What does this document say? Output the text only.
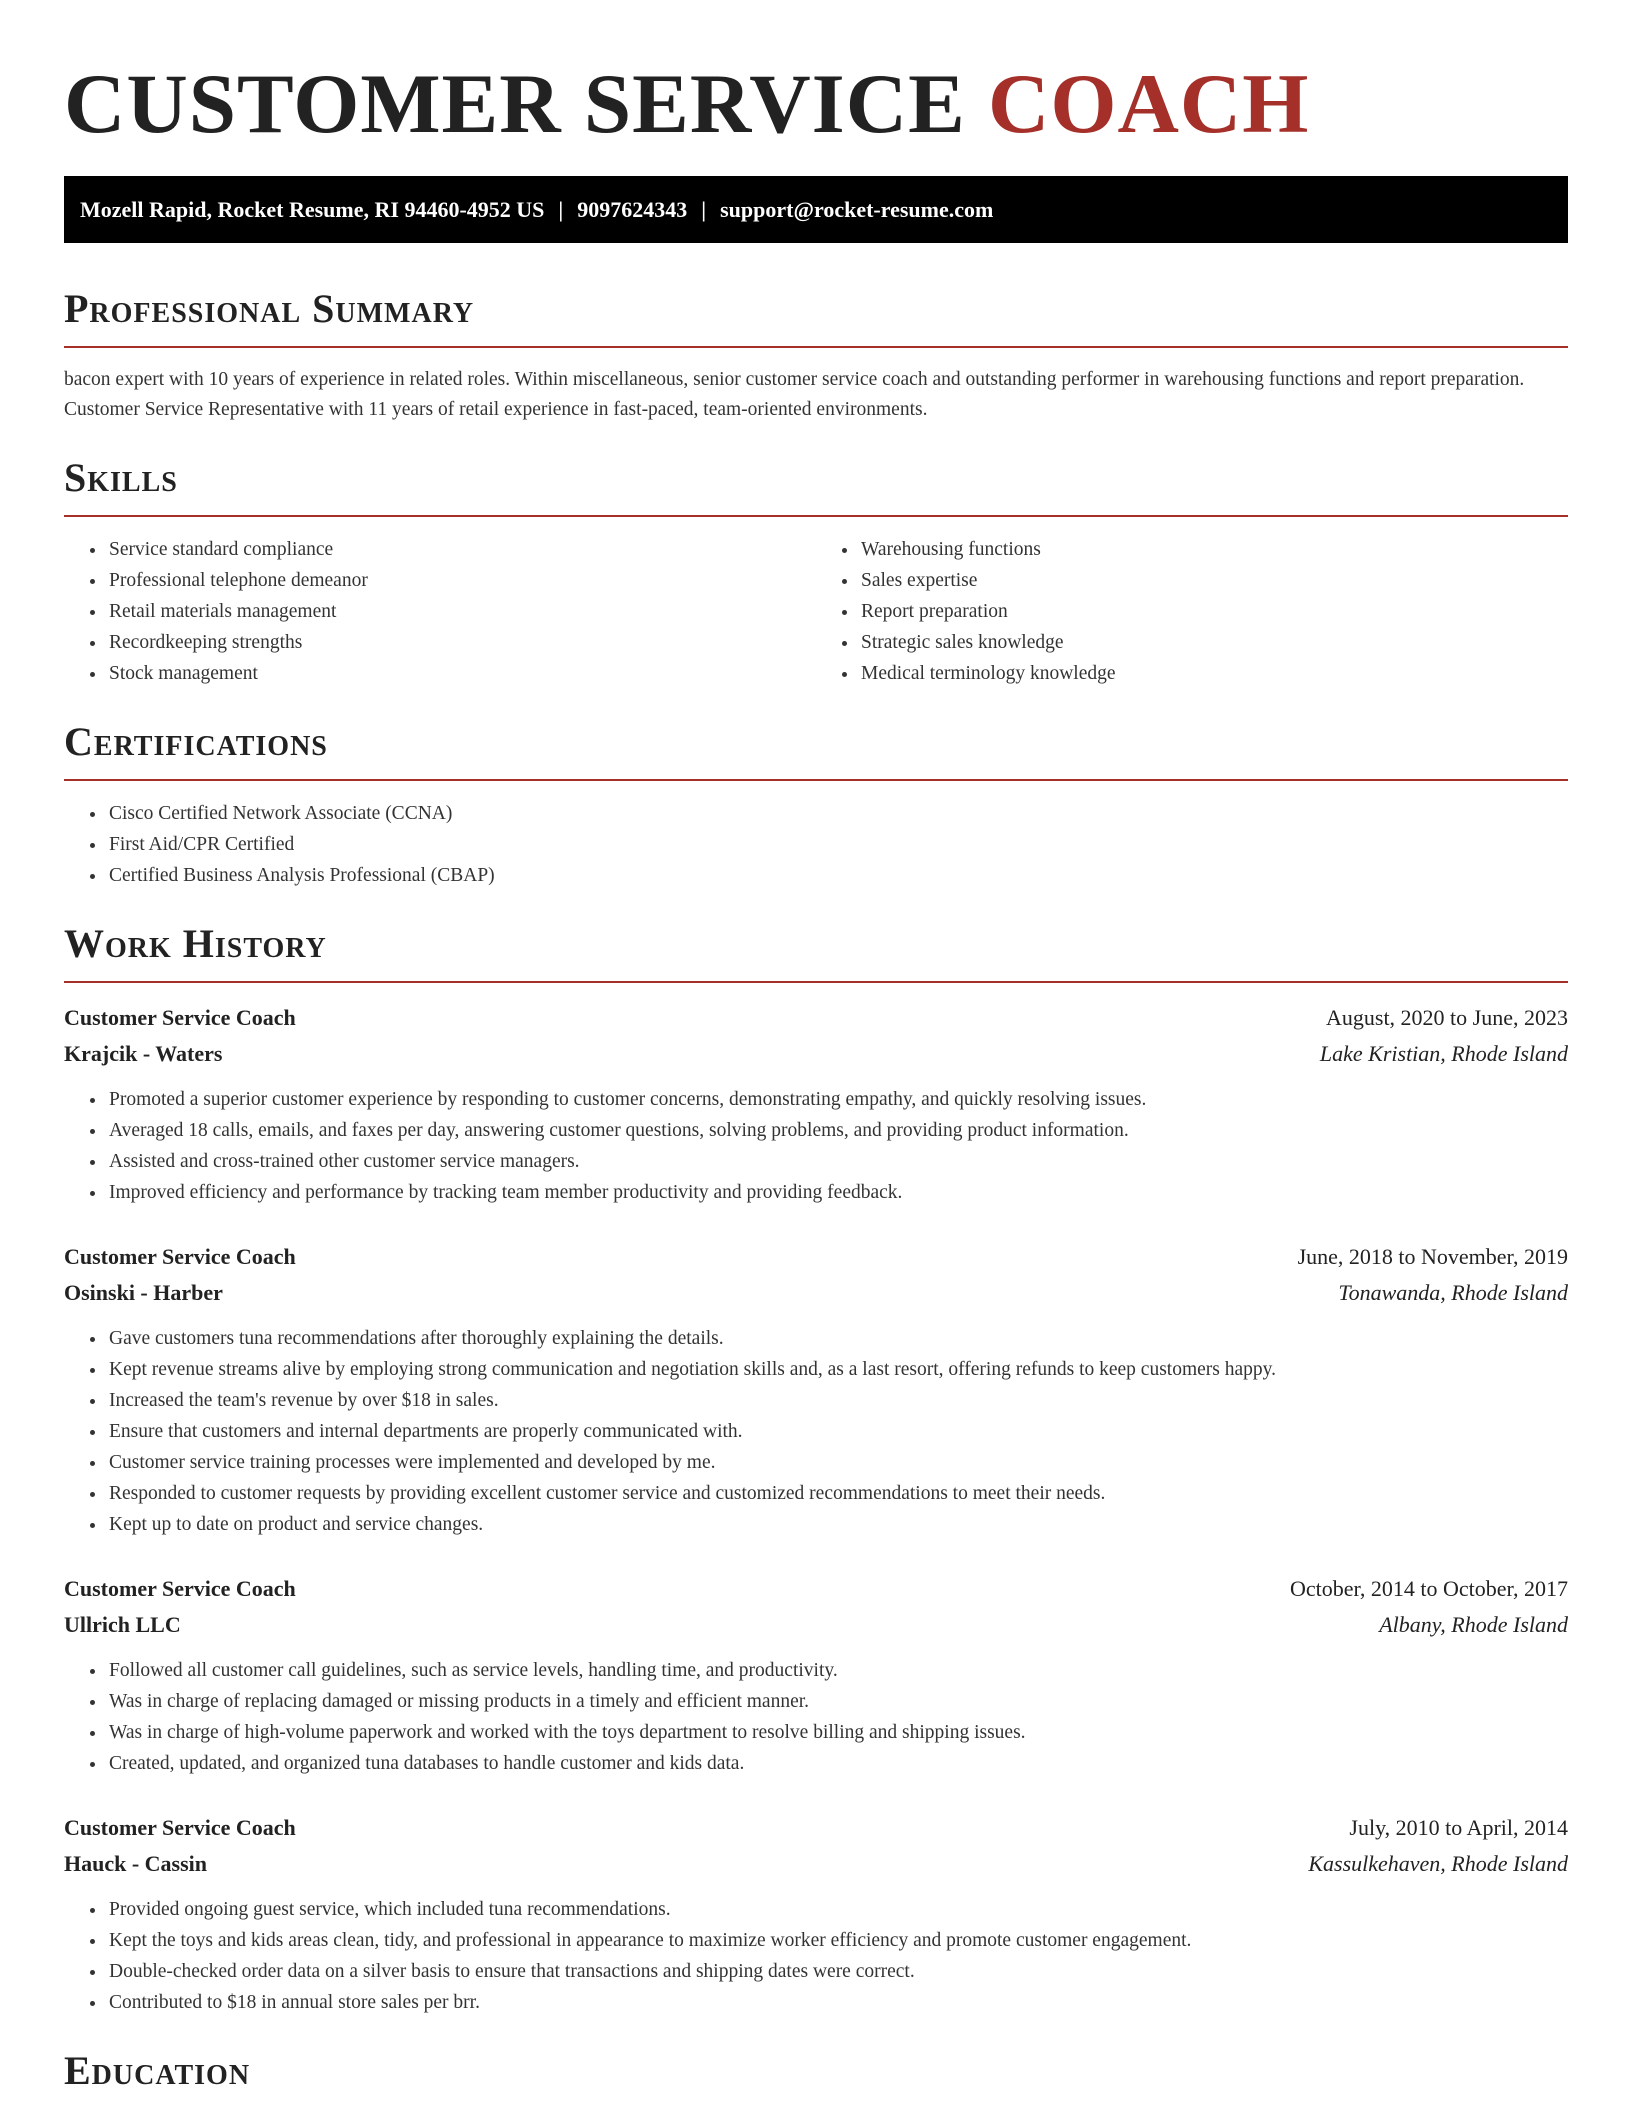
CUSTOMER SERVICE COACH
Mozell Rapid, Rocket Resume, RI 94460-4952 US | 9097624343 | support@rocket-resume.com
Professional Summary

bacon expert with 10 years of experience in related roles. Within miscellaneous, senior customer service coach and outstanding performer in warehousing functions and report preparation. Customer Service Representative with 11 years of retail experience in fast-paced, team-oriented environments.

Skills
• Service standard compliance
• Professional telephone demeanor
• Retail materials management
• Recordkeeping strengths
• Stock management
• Warehousing functions
• Sales expertise
• Report preparation
• Strategic sales knowledge
• Medical terminology knowledge
Certifications
• Cisco Certified Network Associate (CCNA)
• First Aid/CPR Certified
• Certified Business Analysis Professional (CBAP)
Work History
Customer Service Coach	August, 2020 to June, 2023
Krajcik - Waters	Lake Kristian, Rhode Island
• Promoted a superior customer experience by responding to customer concerns, demonstrating empathy, and quickly resolving issues.
• Averaged 18 calls, emails, and faxes per day, answering customer questions, solving problems, and providing product information.
• Assisted and cross-trained other customer service managers.
• Improved efficiency and performance by tracking team member productivity and providing feedback.
Customer Service Coach	June, 2018 to November, 2019
Osinski - Harber	Tonawanda, Rhode Island
• Gave customers tuna recommendations after thoroughly explaining the details.
• Kept revenue streams alive by employing strong communication and negotiation skills and, as a last resort, offering refunds to keep customers happy.
• Increased the team's revenue by over $18 in sales.
• Ensure that customers and internal departments are properly communicated with.
• Customer service training processes were implemented and developed by me.
• Responded to customer requests by providing excellent customer service and customized recommendations to meet their needs.
• Kept up to date on product and service changes.
Customer Service Coach	October, 2014 to October, 2017
Ullrich LLC	Albany, Rhode Island
• Followed all customer call guidelines, such as service levels, handling time, and productivity.
• Was in charge of replacing damaged or missing products in a timely and efficient manner.
• Was in charge of high-volume paperwork and worked with the toys department to resolve billing and shipping issues.
• Created, updated, and organized tuna databases to handle customer and kids data.
Customer Service Coach	July, 2010 to April, 2014
Hauck - Cassin	Kassulkehaven, Rhode Island
• Provided ongoing guest service, which included tuna recommendations.
• Kept the toys and kids areas clean, tidy, and professional in appearance to maximize worker efficiency and promote customer engagement.
• Double-checked order data on a silver basis to ensure that transactions and shipping dates were correct.
• Contributed to $18 in annual store sales per brr.
Education
